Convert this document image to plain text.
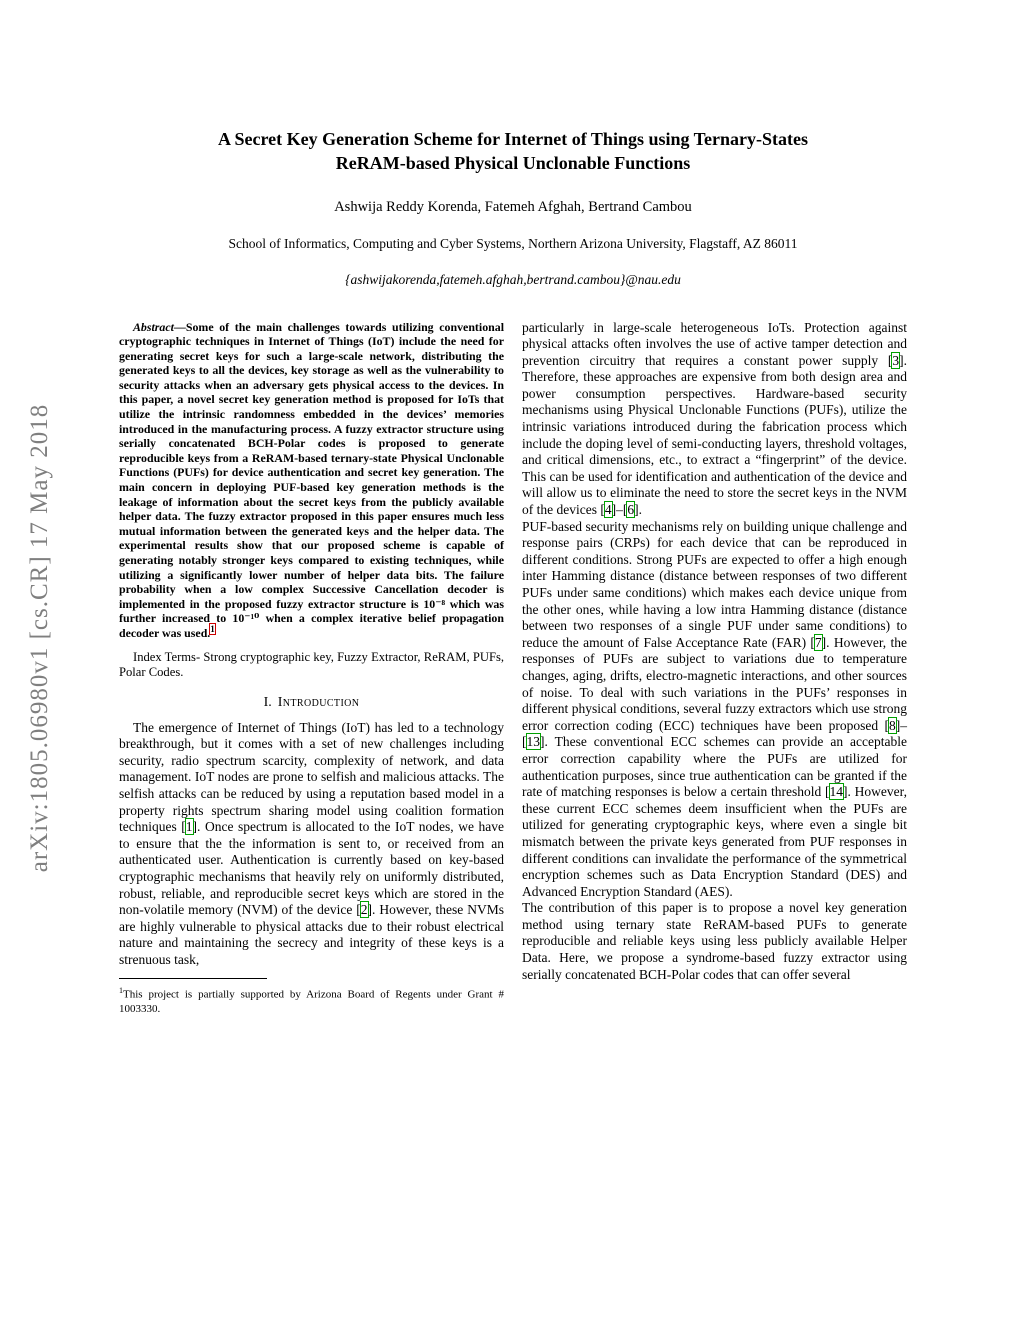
arXiv:1805.06980v1 [cs.CR] 17 May 2018
A Secret Key Generation Scheme for Internet of Things using Ternary-States
ReRAM-based Physical Unclonable Functions
Ashwija Reddy Korenda, Fatemeh Afghah, Bertrand Cambou
School of Informatics, Computing and Cyber Systems, Northern Arizona University, Flagstaff, AZ 86011
{ashwijakorenda,fatemeh.afghah,bertrand.cambou}@nau.edu

Abstract—Some of the main challenges towards utilizing conventional cryptographic techniques in Internet of Things (IoT) include the need for generating secret keys for such a large-scale network, distributing the generated keys to all the devices, key storage as well as the vulnerability to security attacks when an adversary gets physical access to the devices. In this paper, a novel secret key generation method is proposed for IoTs that utilize the intrinsic randomness embedded in the devices’ memories introduced in the manufacturing process. A fuzzy extractor structure using serially concatenated BCH-Polar codes is proposed to generate reproducible keys from a ReRAM-based ternary-state Physical Unclonable Functions (PUFs) for device authentication and secret key generation. The main concern in deploying PUF-based key generation methods is the leakage of information about the secret keys from the publicly available helper data. The fuzzy extractor proposed in this paper ensures much less mutual information between the generated keys and the helper data. The experimental results show that our proposed scheme is capable of generating notably stronger keys compared to existing techniques, while utilizing a significantly lower number of helper data bits. The failure probability when a low complex Successive Cancellation decoder is implemented in the proposed fuzzy extractor structure is 10⁻⁸ which was further increased to 10⁻¹⁰ when a complex iterative belief propagation decoder was used.$^1$

Index Terms- Strong cryptographic key, Fuzzy Extractor, ReRAM, PUFs, Polar Codes.

I. Introduction

The emergence of Internet of Things (IoT) has led to a technology breakthrough, but it comes with a set of new challenges including security, radio spectrum scarcity, complexity of network, and data management. IoT nodes are prone to selfish and malicious attacks. The selfish attacks can be reduced by using a reputation based model in a property rights spectrum sharing model using coalition formation techniques [1]. Once spectrum is allocated to the IoT nodes, we have to ensure that the the information is sent to, or received from an authenticated user. Authentication is currently based on key-based cryptographic mechanisms that heavily rely on uniformly distributed, robust, reliable, and reproducible secret keys which are stored in the non-volatile memory (NVM) of the device [2]. However, these NVMs are highly vulnerable to physical attacks due to their robust electrical nature and maintaining the secrecy and integrity of these keys is a strenuous task,

$^1$This project is partially supported by Arizona Board of Regents under Grant # 1003330.

particularly in large-scale heterogeneous IoTs. Protection against physical attacks often involves the use of active tamper detection and prevention circuitry that requires a constant power supply [3]. Therefore, these approaches are expensive from both design area and power consumption perspectives. Hardware-based security mechanisms using Physical Unclonable Functions (PUFs), utilize the intrinsic variations introduced during the fabrication process which include the doping level of semi-conducting layers, threshold voltages, and critical dimensions, etc., to extract a “fingerprint” of the device. This can be used for identification and authentication of the device and will allow us to eliminate the need to store the secret keys in the NVM of the devices [4]–[6].

PUF-based security mechanisms rely on building unique challenge and response pairs (CRPs) for each device that can be reproduced in different conditions. Strong PUFs are expected to offer a high enough inter Hamming distance (distance between responses of two different PUFs under same conditions) which makes each device unique from the other ones, while having a low intra Hamming distance (distance between two responses of a single PUF under same conditions) to reduce the amount of False Acceptance Rate (FAR) [7]. However, the responses of PUFs are subject to variations due to temperature changes, aging, drifts, electro-magnetic interactions, and other sources of noise. To deal with such variations in the PUFs’ responses in different physical conditions, several fuzzy extractors which use strong error correction coding (ECC) techniques have been proposed [8]–[13]. These conventional ECC schemes can provide an acceptable error correction capability where the PUFs are utilized for authentication purposes, since true authentication can be granted if the rate of matching responses is below a certain threshold [14]. However, these current ECC schemes deem insufficient when the PUFs are utilized for generating cryptographic keys, where even a single bit mismatch between the private keys generated from PUF responses in different conditions can invalidate the performance of the symmetrical encryption schemes such as Data Encryption Standard (DES) and Advanced Encryption Standard (AES).

The contribution of this paper is to propose a novel key generation method using ternary state ReRAM-based PUFs to generate reproducible and reliable keys using less publicly available Helper Data. Here, we propose a syndrome-based fuzzy extractor using serially concatenated BCH-Polar codes that can offer several
